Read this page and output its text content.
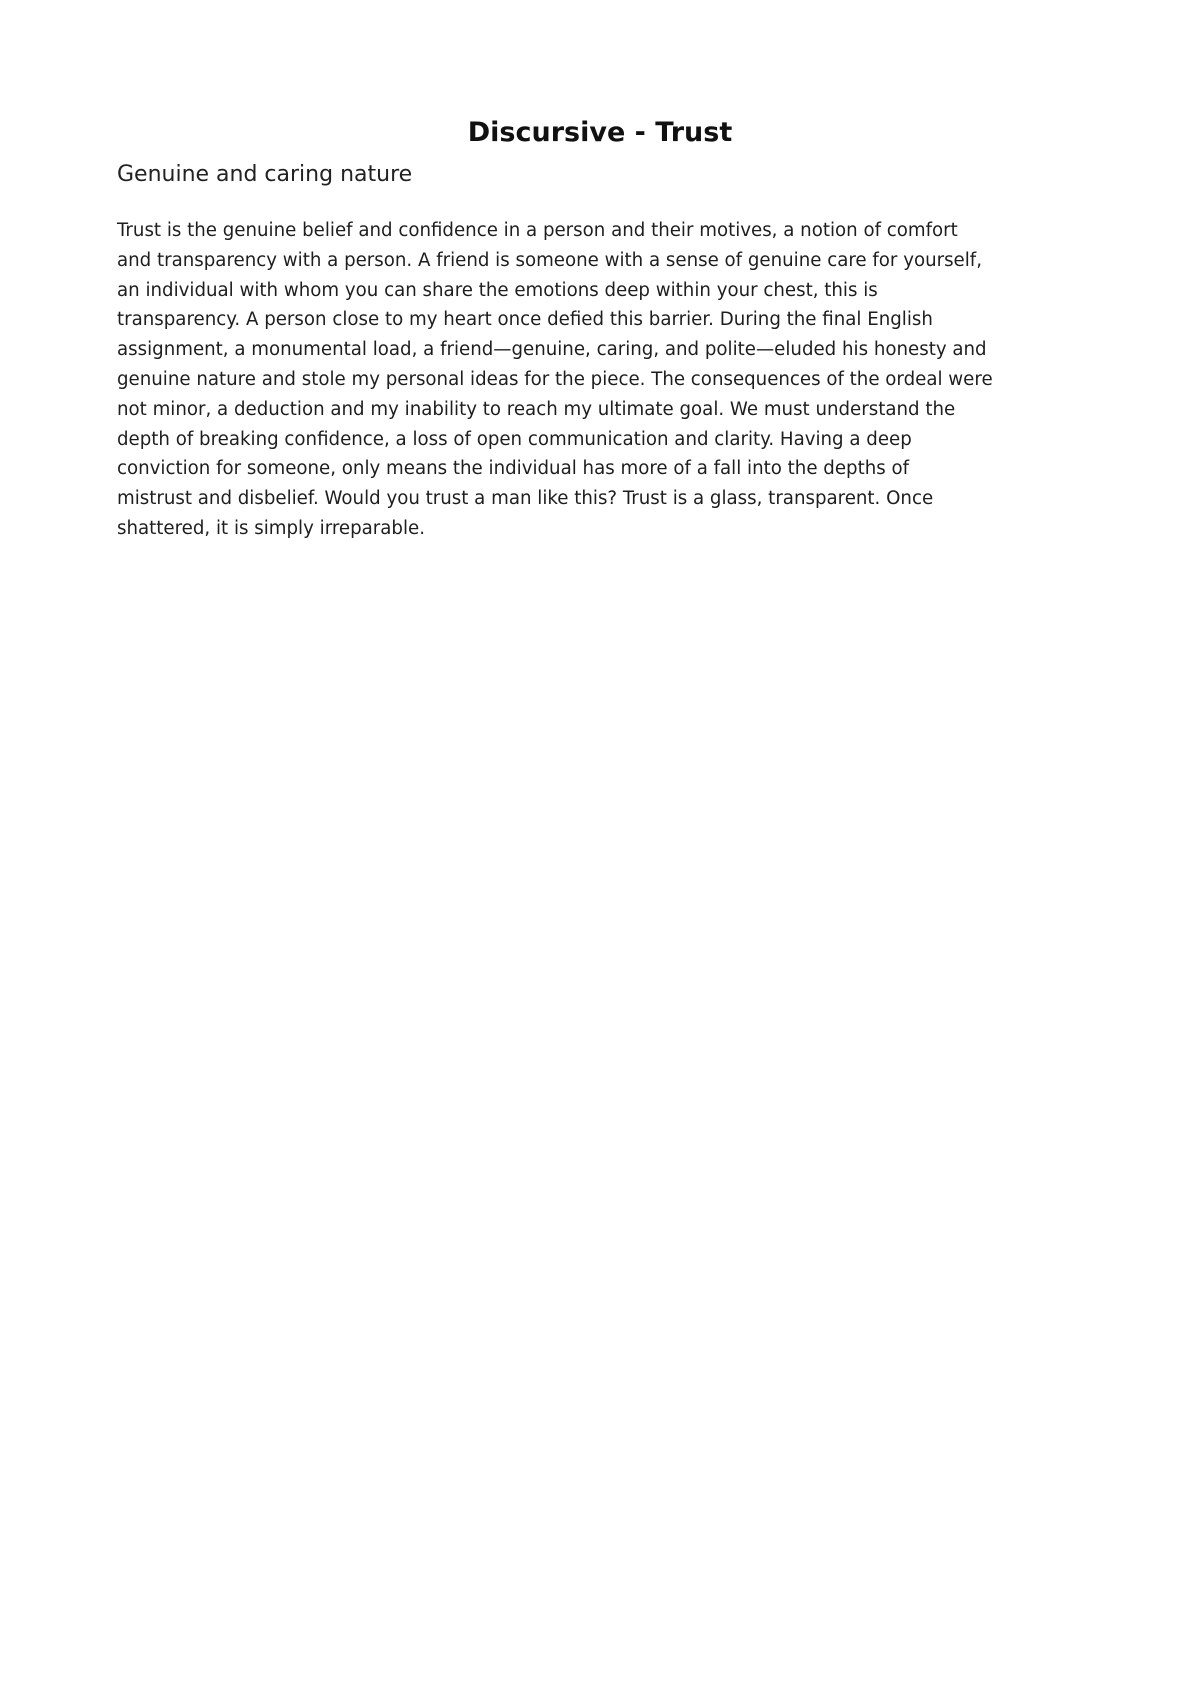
Discursive - Trust
Genuine and caring nature

Trust is the genuine belief and confidence in a person and their motives, a notion of comfort
and transparency with a person. A friend is someone with a sense of genuine care for yourself,
an individual with whom you can share the emotions deep within your chest, this is
transparency. A person close to my heart once defied this barrier. During the final English
assignment, a monumental load, a friend—genuine, caring, and polite—eluded his honesty and
genuine nature and stole my personal ideas for the piece. The consequences of the ordeal were
not minor, a deduction and my inability to reach my ultimate goal. We must understand the
depth of breaking confidence, a loss of open communication and clarity. Having a deep
conviction for someone, only means the individual has more of a fall into the depths of
mistrust and disbelief. Would you trust a man like this? Trust is a glass, transparent. Once
shattered, it is simply irreparable.
